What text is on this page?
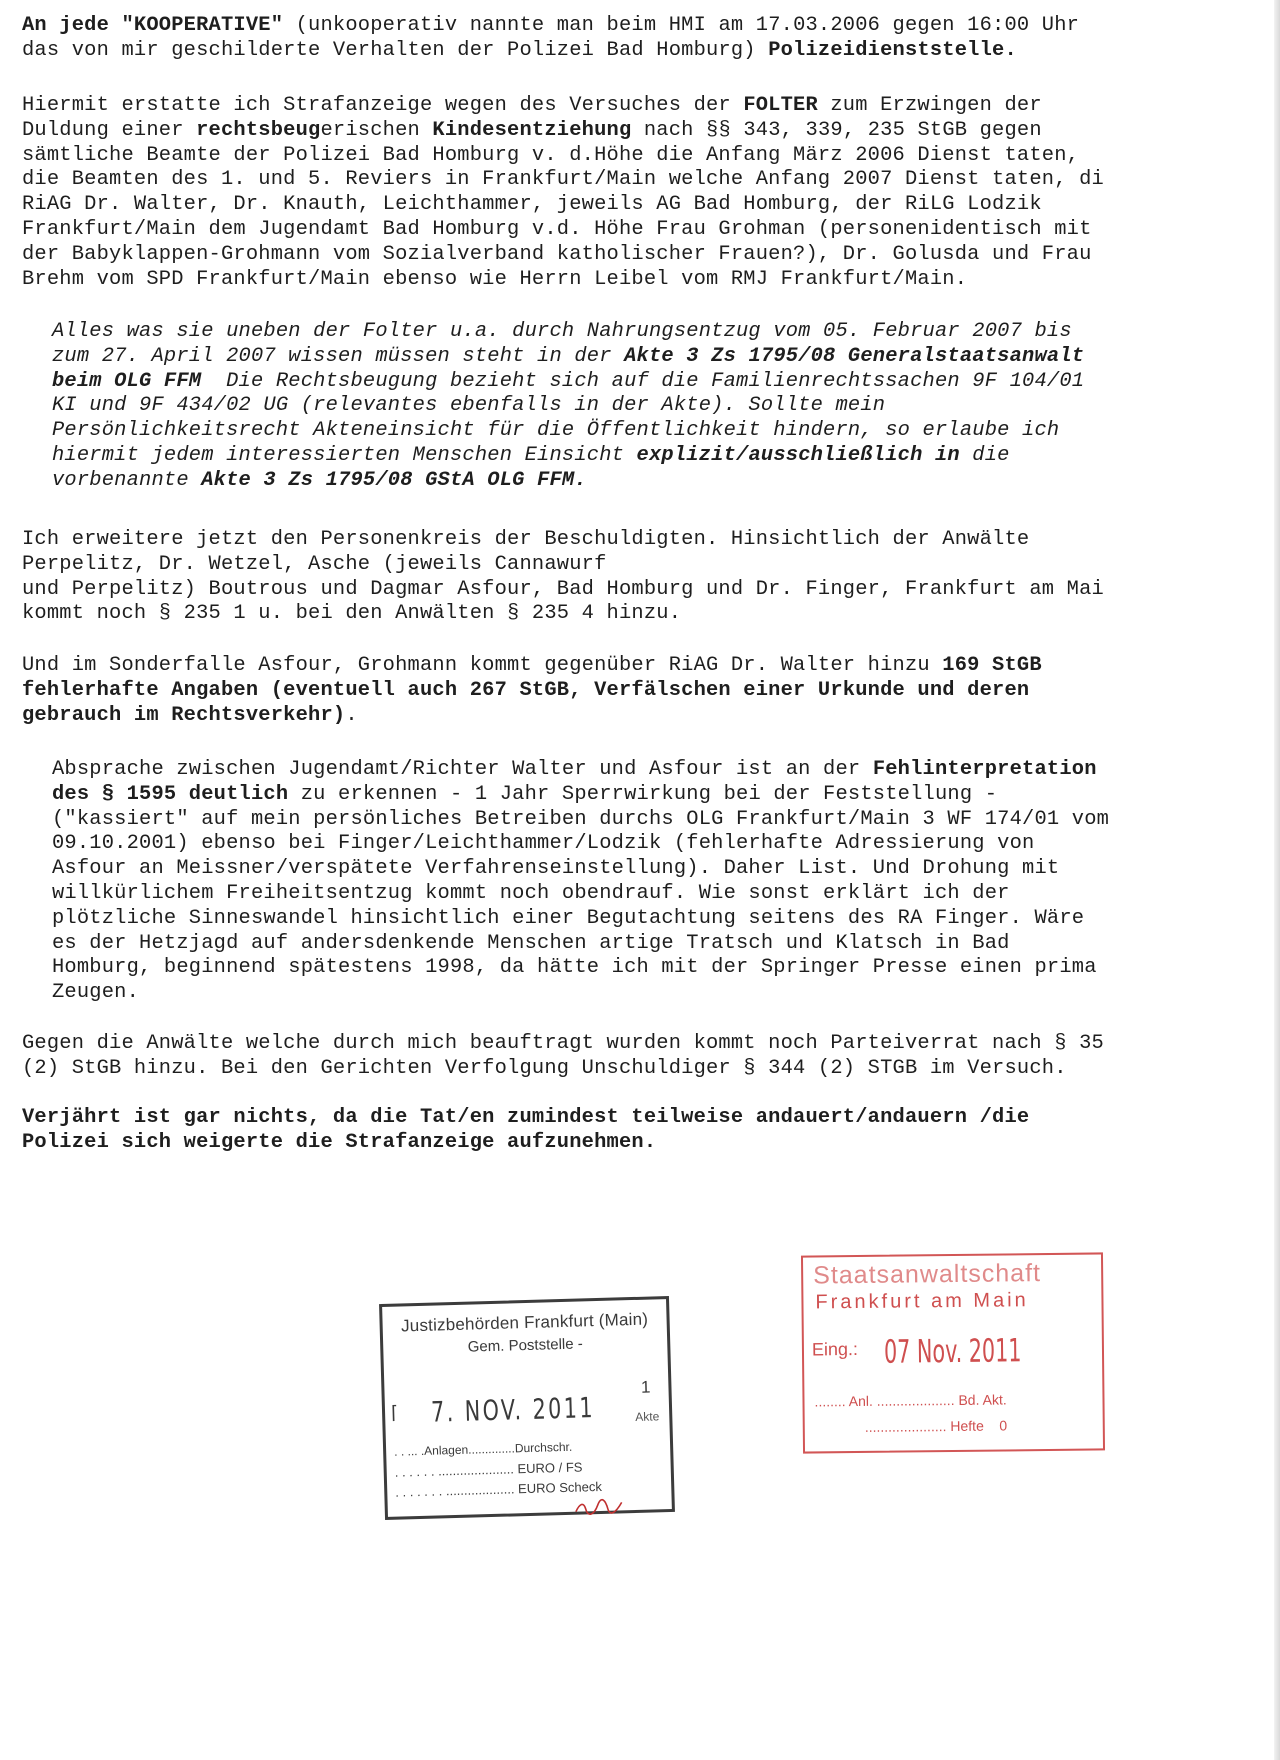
An jede "KOOPERATIVE" (unkooperativ nannte man beim HMI am 17.03.2006 gegen 16:00 Uhr
das von mir geschilderte Verhalten der Polizei Bad Homburg) Polizeidienststelle.
Hiermit erstatte ich Strafanzeige wegen des Versuches der FOLTER zum Erzwingen der
Duldung einer rechtsbeugerischen Kindesentziehung nach §§ 343, 339, 235 StGB gegen
sämtliche Beamte der Polizei Bad Homburg v. d.Höhe die Anfang März 2006 Dienst taten,
die Beamten des 1. und 5. Reviers in Frankfurt/Main welche Anfang 2007 Dienst taten, di
RiAG Dr. Walter, Dr. Knauth, Leichthammer, jeweils AG Bad Homburg, der RiLG Lodzik
Frankfurt/Main dem Jugendamt Bad Homburg v.d. Höhe Frau Grohman (personenidentisch mit
der Babyklappen-Grohmann vom Sozialverband katholischer Frauen?), Dr. Golusda und Frau
Brehm vom SPD Frankfurt/Main ebenso wie Herrn Leibel vom RMJ Frankfurt/Main.
Alles was sie uneben der Folter u.a. durch Nahrungsentzug vom 05. Februar 2007 bis
zum 27. April 2007 wissen müssen steht in der Akte 3 Zs 1795/08 Generalstaatsanwalt
beim OLG FFM  Die Rechtsbeugung bezieht sich auf die Familienrechtssachen 9F 104/01
KI und 9F 434/02 UG (relevantes ebenfalls in der Akte). Sollte mein
Persönlichkeitsrecht Akteneinsicht für die Öffentlichkeit hindern, so erlaube ich
hiermit jedem interessierten Menschen Einsicht explizit/ausschließlich in die
vorbenannte Akte 3 Zs 1795/08 GStA OLG FFM.
Ich erweitere jetzt den Personenkreis der Beschuldigten. Hinsichtlich der Anwälte
Perpelitz, Dr. Wetzel, Asche (jeweils Cannawurf
und Perpelitz) Boutrous und Dagmar Asfour, Bad Homburg und Dr. Finger, Frankfurt am Mai
kommt noch § 235 1 u. bei den Anwälten § 235 4 hinzu.
Und im Sonderfalle Asfour, Grohmann kommt gegenüber RiAG Dr. Walter hinzu 169 StGB
fehlerhafte Angaben (eventuell auch 267 StGB, Verfälschen einer Urkunde und deren
gebrauch im Rechtsverkehr).
Absprache zwischen Jugendamt/Richter Walter und Asfour ist an der Fehlinterpretation
des § 1595 deutlich zu erkennen - 1 Jahr Sperrwirkung bei der Feststellung -
("kassiert" auf mein persönliches Betreiben durchs OLG Frankfurt/Main 3 WF 174/01 vom
09.10.2001) ebenso bei Finger/Leichthammer/Lodzik (fehlerhafte Adressierung von
Asfour an Meissner/verspätete Verfahrenseinstellung). Daher List. Und Drohung mit
willkürlichem Freiheitsentzug kommt noch obendrauf. Wie sonst erklärt ich der
plötzliche Sinneswandel hinsichtlich einer Begutachtung seitens des RA Finger. Wäre
es der Hetzjagd auf andersdenkende Menschen artige Tratsch und Klatsch in Bad
Homburg, beginnend spätestens 1998, da hätte ich mit der Springer Presse einen prima
Zeugen.
Gegen die Anwälte welche durch mich beauftragt wurden kommt noch Parteiverrat nach § 35
(2) StGB hinzu. Bei den Gerichten Verfolgung Unschuldiger § 344 (2) STGB im Versuch.
Verjährt ist gar nichts, da die Tat/en zumindest teilweise andauert/andauern /die
Polizei sich weigerte die Strafanzeige aufzunehmen.
Justizbehörden Frankfurt (Main)
Gem. Poststelle -
⌈ 7. NOV. 2011
1
Akte
. . ... .Anlagen..............Durchschr.
. . . . . . ..................... EURO / FS
. . . . . . . ................... EURO Scheck
Staatsanwaltschaft
Frankfurt am Main
Eing.: 07 Nov. 2011
........ Anl. .................... Bd. Akt.
..................... Hefte    0
